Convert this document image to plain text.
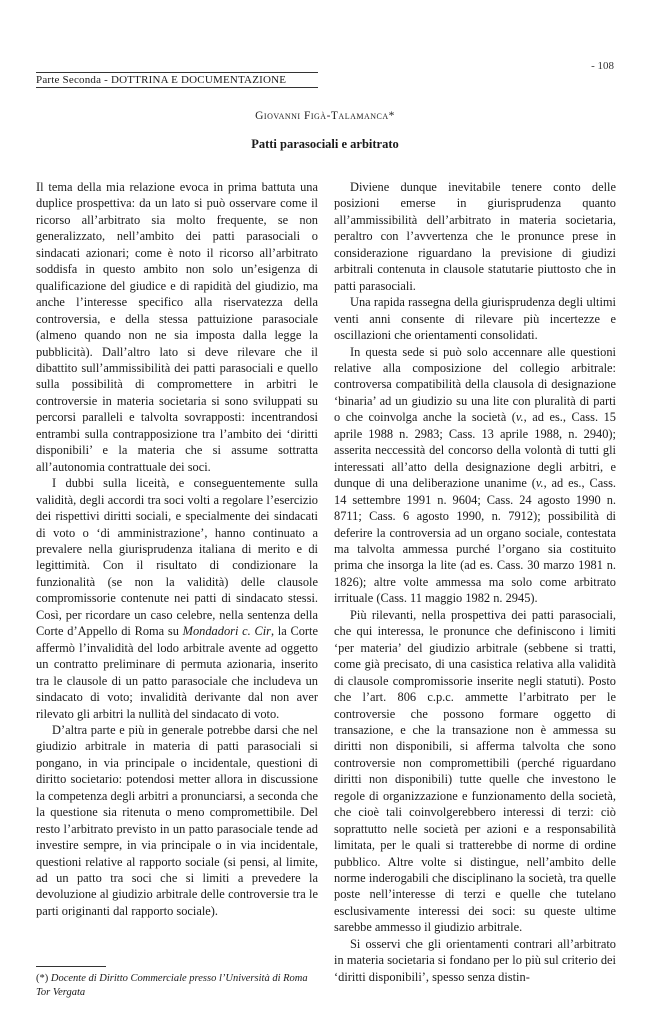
- 108
Parte Seconda - DOTTRINA E DOCUMENTAZIONE
Giovanni Figà-Talamanca*
Patti parasociali e arbitrato

Il tema della mia relazione evoca in prima battuta una duplice prospettiva: da un lato si può osservare come il ricorso all’arbitrato sia molto frequente, se non generalizzato, nell’ambito dei patti parasociali o sindacati azionari; come è noto il ricorso all’arbitrato soddisfa in questo ambito non solo un’esigenza di qualificazione del giudice e di rapidità del giudizio, ma anche l’interesse specifico alla riservatezza della controversia, e della stessa pattuizione parasociale (almeno quando non ne sia imposta dalla legge la pubblicità). Dall’altro lato si deve rilevare che il dibattito sull’ammissibilità dei patti parasociali e quello sulla possibilità di compromettere in arbitri le controversie in materia societaria si sono sviluppati su percorsi paralleli e talvolta sovrapposti: incentrandosi entrambi sulla contrapposizione tra l’ambito dei ‘diritti disponibili’ e la materia che si assume sottratta all’autonomia contrattuale dei soci.

I dubbi sulla liceità, e conseguentemente sulla validità, degli accordi tra soci volti a regolare l’esercizio dei rispettivi diritti sociali, e specialmente dei sindacati di voto o ‘di amministrazione’, hanno continuato a prevalere nella giurisprudenza italiana di merito e di legittimità. Con il risultato di condizionare la funzionalità (se non la validità) delle clausole compromissorie contenute nei patti di sindacato stessi. Così, per ricordare un caso celebre, nella sentenza della Corte d’Appello di Roma su Mondadori c. Cir, la Corte affermò l’invalidità del lodo arbitrale avente ad oggetto un contratto preliminare di permuta azionaria, inserito tra le clausole di un patto parasociale che includeva un sindacato di voto; invalidità derivante dal non aver rilevato gli arbitri la nullità del sindacato di voto.

D’altra parte e più in generale potrebbe darsi che nel giudizio arbitrale in materia di patti parasociali si pongano, in via principale o incidentale, questioni di diritto societario: potendosi metter allora in discussione la competenza degli arbitri a pronunciarsi, a seconda che la questione sia ritenuta o meno compromettibile. Del resto l’arbitrato previsto in un patto parasociale tende ad investire sempre, in via principale o in via incidentale, questioni relative al rapporto sociale (si pensi, al limite, ad un patto tra soci che si limiti a prevedere la devoluzione al giudizio arbitrale delle controversie tra le parti originanti dal rapporto sociale).

Diviene dunque inevitabile tenere conto delle posizioni emerse in giurisprudenza quanto all’ammissibilità dell’arbitrato in materia societaria, peraltro con l’avvertenza che le pronunce prese in considerazione riguardano la previsione di giudizi arbitrali contenuta in clausole statutarie piuttosto che in patti parasociali.

Una rapida rassegna della giurisprudenza degli ultimi venti anni consente di rilevare più incertezze e oscillazioni che orientamenti consolidati.

In questa sede si può solo accennare alle questioni relative alla composizione del collegio arbitrale: controversa compatibilità della clausola di designazione ‘binaria’ ad un giudizio su una lite con pluralità di parti o che coinvolga anche la società (v., ad es., Cass. 15 aprile 1988 n. 2983; Cass. 13 aprile 1988, n. 2940); asserita neccessità del concorso della volontà di tutti gli interessati all’atto della designazione degli arbitri, e dunque di una deliberazione unanime (v., ad es., Cass. 14 settembre 1991 n. 9604; Cass. 24 agosto 1990 n. 8711; Cass. 6 agosto 1990, n. 7912); possibilità di deferire la controversia ad un organo sociale, contestata ma talvolta ammessa purché l’organo sia costituito prima che insorga la lite (ad es. Cass. 30 marzo 1981 n. 1826); altre volte ammessa ma solo come arbitrato irrituale (Cass. 11 maggio 1982 n. 2945).

Più rilevanti, nella prospettiva dei patti parasociali, che qui interessa, le pronunce che definiscono i limiti ‘per materia’ del giudizio arbitrale (sebbene si tratti, come già precisato, di una casistica relativa alla validità di clausole compromissorie inserite negli statuti). Posto che l’art. 806 c.p.c. ammette l’arbitrato per le controversie che possono formare oggetto di transazione, e che la transazione non è ammessa su diritti non disponibili, si afferma talvolta che sono controversie non compromettibili (perché riguardano diritti non disponibili) tutte quelle che investono le regole di organizzazione e funzionamento della società, che cioè tali coinvolgerebbero interessi di terzi: ciò soprattutto nelle società per azioni e a responsabilità limitata, per le quali si tratterebbe di norme di ordine pubblico. Altre volte si distingue, nell’ambito delle norme inderogabili che disciplinano la società, tra quelle poste nell’interesse di terzi e quelle che tutelano esclusivamente interessi dei soci: su queste ultime sarebbe ammesso il giudizio arbitrale.

Si osservi che gli orientamenti contrari all’arbitrato in materia societaria si fondano per lo più sul criterio dei ‘diritti disponibili’, spesso senza distin-

(*) Docente di Diritto Commerciale presso l’Università di Roma Tor Vergata
